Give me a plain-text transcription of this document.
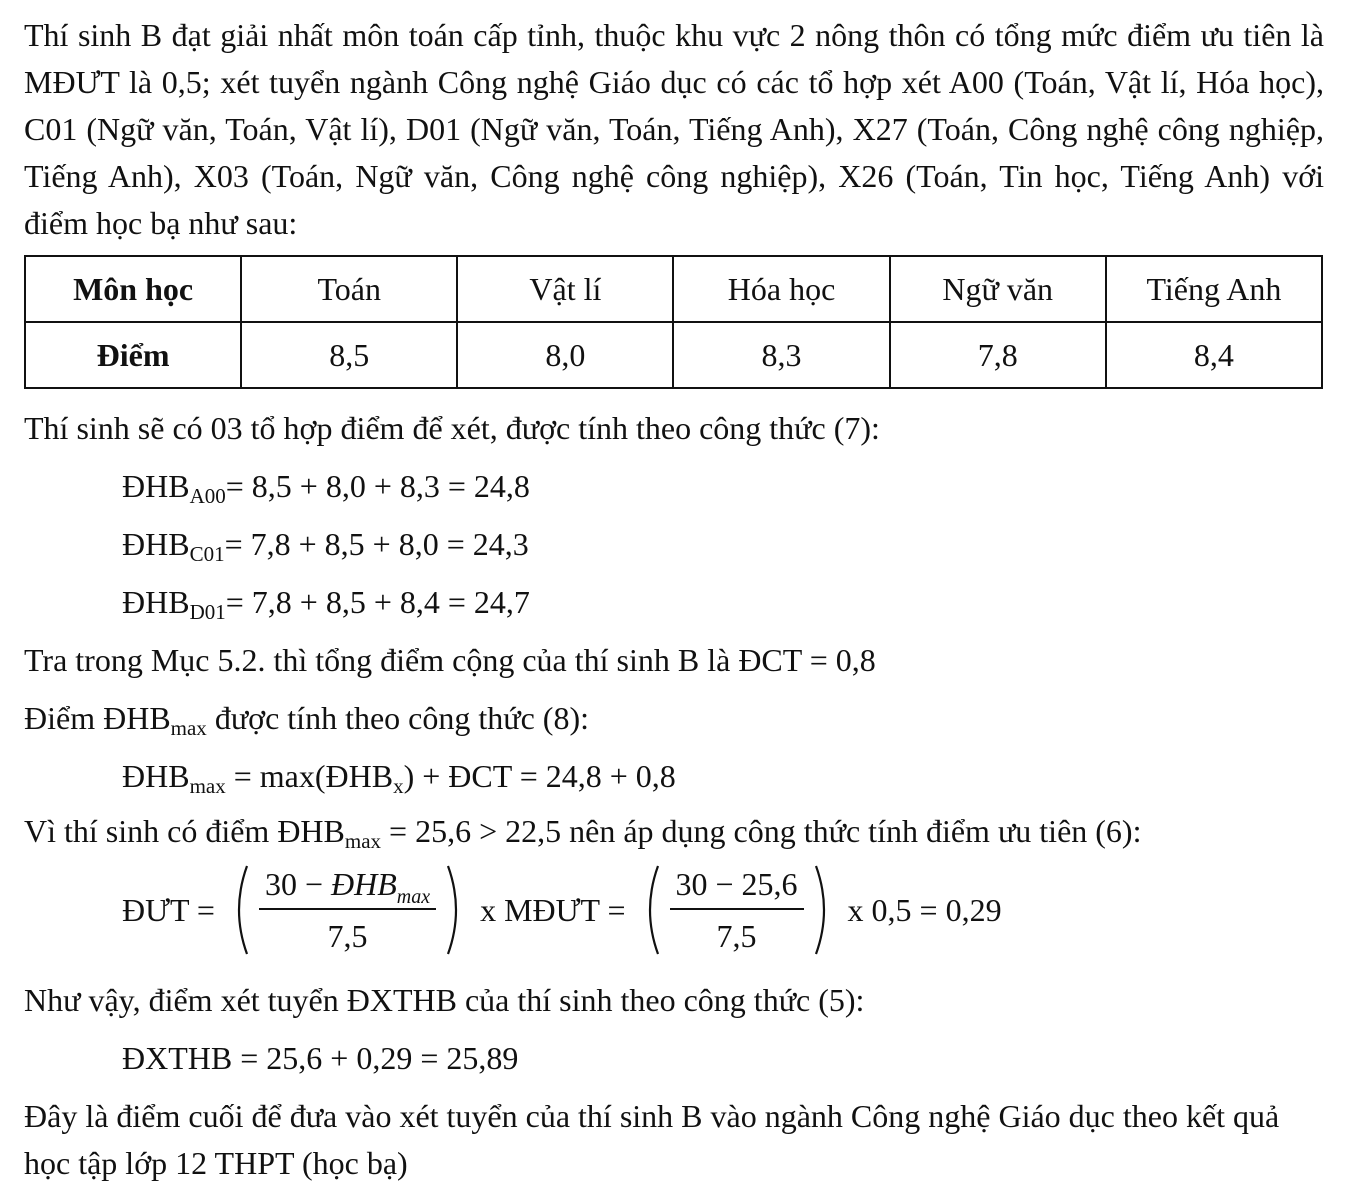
Thí sinh B đạt giải nhất môn toán cấp tỉnh, thuộc khu vực 2 nông thôn có tổng mức điểm ưu tiên là MĐƯT là 0,5; xét tuyển ngành Công nghệ Giáo dục có các tổ hợp xét A00 (Toán, Vật lí, Hóa học), C01 (Ngữ văn, Toán, Vật lí), D01 (Ngữ văn, Toán, Tiếng Anh), X27 (Toán, Công nghệ công nghiệp, Tiếng Anh), X03 (Toán, Ngữ văn, Công nghệ công nghiệp), X26 (Toán, Tin học, Tiếng Anh) với điểm học bạ như sau:

Môn học	Toán	Vật lí	Hóa học	Ngữ văn	Tiếng Anh
Điểm	8,5	8,0	8,3	7,8	8,4
Thí sinh sẽ có 03 tổ hợp điểm để xét, được tính theo công thức (7):
$ĐHB_{A00}= 8,5 + 8,0 + 8,3 = 24,8$
$ĐHB_{C01}= 7,8 + 8,5 + 8,0 = 24,3$
$ĐHB_{D01}= 7,8 + 8,5 + 8,4 = 24,7$
Tra trong Mục 5.2. thì tổng điểm cộng của thí sinh B là ĐCT = 0,8
Điểm $ĐHB_{max}$ được tính theo công thức (8):
$ĐHB_{max}$ = $\max(ĐHB_x)$ + ĐCT = 24,8 + 0,8
Vì thí sinh có điểm $ĐHB_{max} = 25,6 > 22,5$ nên áp dụng công thức tính điểm ưu tiên (6):
ĐƯT = $\frac{30 - ĐHB_{max}}{7,5}$ x MĐƯT = $\frac{30 - 25,6}{7,5}$ x 0,5 = 0,29
Như vậy, điểm xét tuyển ĐXTHB của thí sinh theo công thức (5):
ĐXTHB = 25,6 + 0,29 = 25,89

Đây là điểm cuối để đưa vào xét tuyển của thí sinh B vào ngành Công nghệ Giáo dục theo kết quả học tập lớp 12 THPT (học bạ)
